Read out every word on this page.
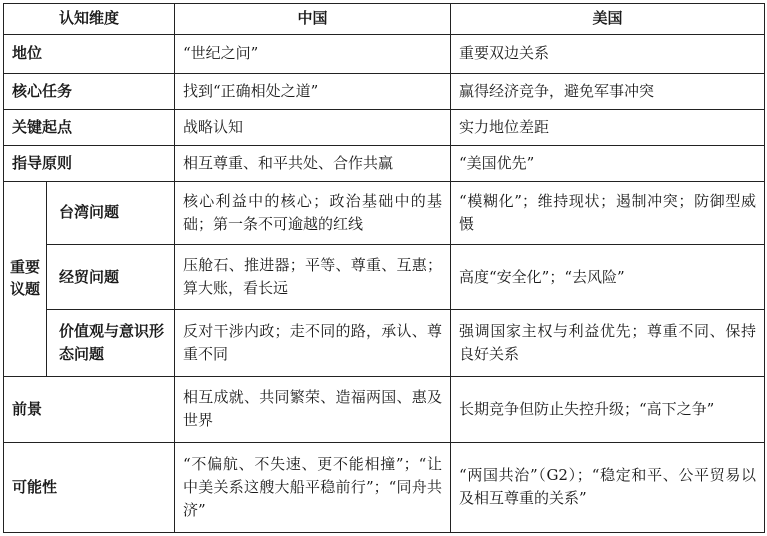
认知维度		中国	美国
地位		“世纪之问”	重要双边关系
核心任务		找到“正确相处之道”	赢得经济竞争，避免军事冲突
关键起点		战略认知	实力地位差距
指导原则		相互尊重、和平共处、合作共赢	“美国优先”
重要议题	台湾问题	核心利益中的核心；政治基础中的基础；第一条不可逾越的红线	“模糊化”；维持现状；遏制冲突；防御型威慑
	经贸问题	压舱石、推进器；平等、尊重、互惠；算大账，看长远	高度“安全化”；“去风险”
	价值观与意识形态问题	反对干涉内政；走不同的路，承认、尊重不同	强调国家主权与利益优先；尊重不同、保持良好关系
前景		相互成就、共同繁荣、造福两国、惠及世界	长期竞争但防止失控升级；“高下之争”
可能性		“不偏航、不失速、更不能相撞”；“让中美关系这艘大船平稳前行”；“同舟共济”	“两国共治”（G2）；“稳定和平、公平贸易以及相互尊重的关系”
